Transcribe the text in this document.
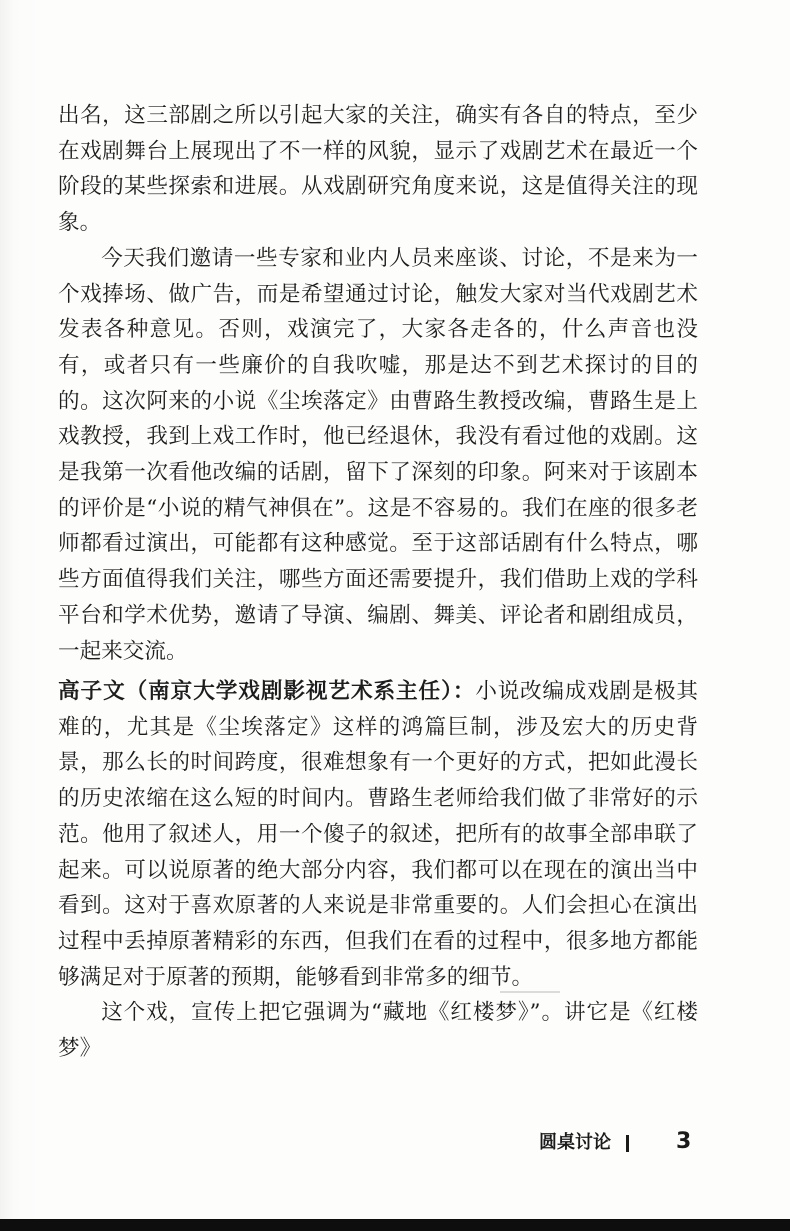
出名，这三部剧之所以引起大家的关注，确实有各自的特点，至少在戏剧舞台上展现出了不一样的风貌，显示了戏剧艺术在最近一个阶段的某些探索和进展。从戏剧研究角度来说，这是值得关注的现象。

今天我们邀请一些专家和业内人员来座谈、讨论，不是来为一个戏捧场、做广告，而是希望通过讨论，触发大家对当代戏剧艺术发表各种意见。否则，戏演完了，大家各走各的，什么声音也没有，或者只有一些廉价的自我吹嘘，那是达不到艺术探讨的目的的。这次阿来的小说《尘埃落定》由曹路生教授改编，曹路生是上戏教授，我到上戏工作时，他已经退休，我没有看过他的戏剧。这是我第一次看他改编的话剧，留下了深刻的印象。阿来对于该剧本的评价是“小说的精气神俱在”。这是不容易的。我们在座的很多老师都看过演出，可能都有这种感觉。至于这部话剧有什么特点，哪些方面值得我们关注，哪些方面还需要提升，我们借助上戏的学科平台和学术优势，邀请了导演、编剧、舞美、评论者和剧组成员，一起来交流。

高子文（南京大学戏剧影视艺术系主任）：小说改编成戏剧是极其难的，尤其是《尘埃落定》这样的鸿篇巨制，涉及宏大的历史背景，那么长的时间跨度，很难想象有一个更好的方式，把如此漫长的历史浓缩在这么短的时间内。曹路生老师给我们做了非常好的示范。他用了叙述人，用一个傻子的叙述，把所有的故事全部串联了起来。可以说原著的绝大部分内容，我们都可以在现在的演出当中看到。这对于喜欢原著的人来说是非常重要的。人们会担心在演出过程中丢掉原著精彩的东西，但我们在看的过程中，很多地方都能够满足对于原著的预期，能够看到非常多的细节。

这个戏，宣传上把它强调为“藏地《红楼梦》”。讲它是《红楼梦》

圆桌讨论	3
